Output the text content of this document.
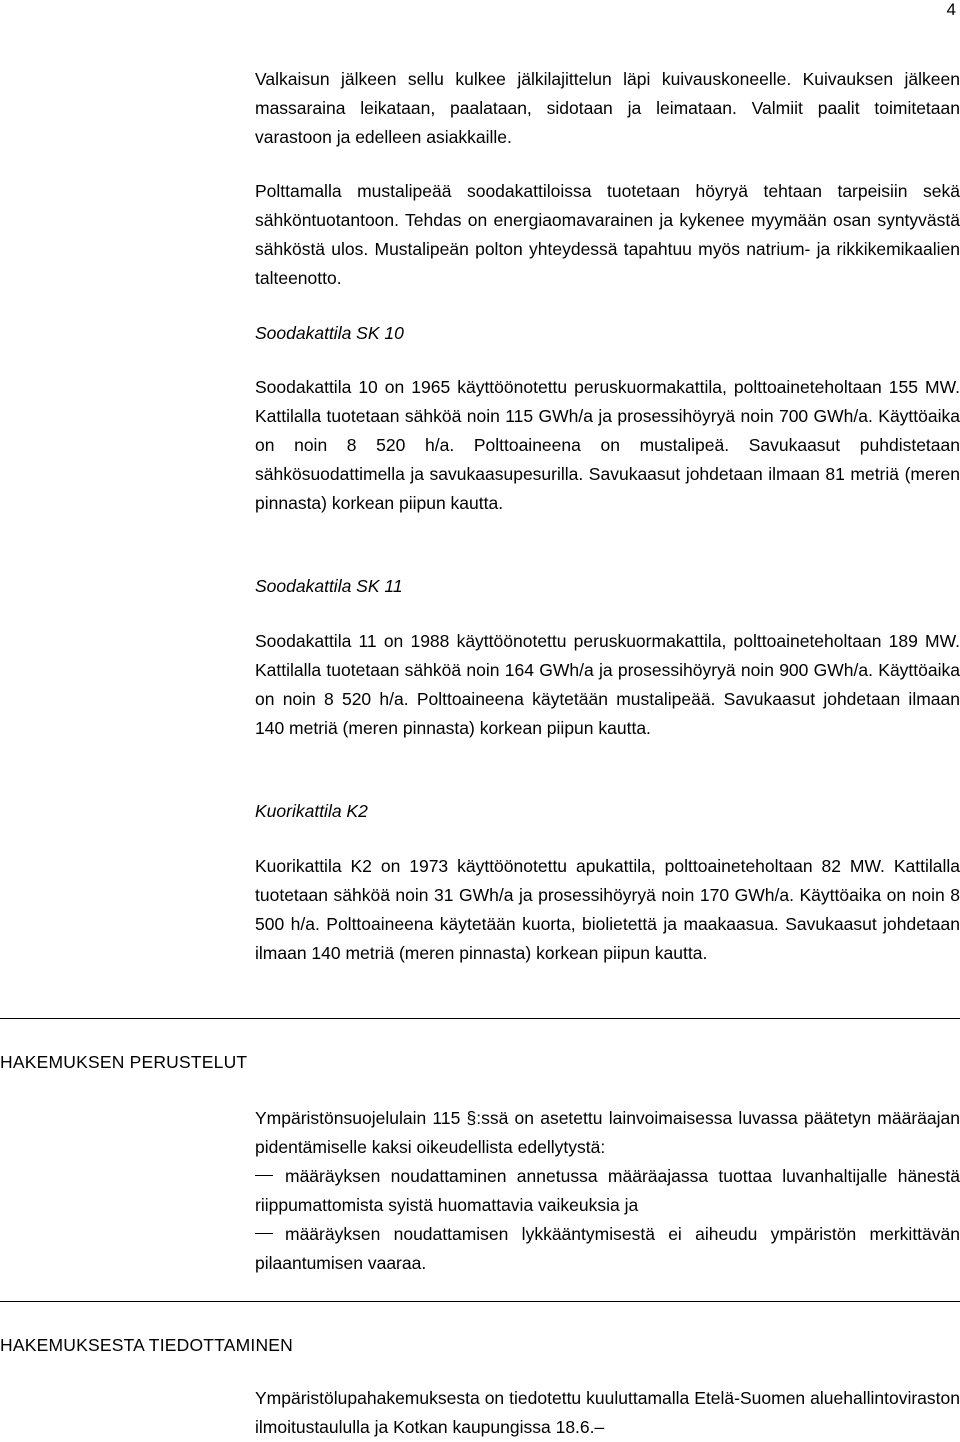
4
Valkaisun jälkeen sellu kulkee jälkilajittelun läpi kuivauskoneelle. Kuivauksen jälkeen massaraina leikataan, paalataan, sidotaan ja leimataan. Valmiit paalit toimitetaan varastoon ja edelleen asiakkaille.
Polttamalla mustalipeää soodakattiloissa tuotetaan höyryä tehtaan tarpeisiin sekä sähköntuotantoon. Tehdas on energiaomavarainen ja kykenee myymään osan syntyvästä sähköstä ulos. Mustalipeän polton yhteydessä tapahtuu myös natrium- ja rikkikemikaalien talteenotto.
Soodakattila SK 10
Soodakattila 10 on 1965 käyttöönotettu peruskuormakattila, polttoaineteholtaan 155 MW. Kattilalla tuotetaan sähköä noin 115 GWh/a ja prosessihöyryä noin 700 GWh/a. Käyttöaika on noin 8 520 h/a. Polttoaineena on mustalipeä. Savukaasut puhdistetaan sähkösuodattimella ja savukaasupesurilla. Savukaasut johdetaan ilmaan 81 metriä (meren pinnasta) korkean piipun kautta.
Soodakattila SK 11
Soodakattila 11 on 1988 käyttöönotettu peruskuormakattila, polttoaineteholtaan 189 MW. Kattilalla tuotetaan sähköä noin 164 GWh/a ja prosessihöyryä noin 900 GWh/a. Käyttöaika on noin 8 520 h/a. Polttoaineena käytetään mustalipeää. Savukaasut johdetaan ilmaan 140 metriä (meren pinnasta) korkean piipun kautta.
Kuorikattila K2
Kuorikattila K2 on 1973 käyttöönotettu apukattila, polttoaineteholtaan 82 MW. Kattilalla tuotetaan sähköä noin 31 GWh/a ja prosessihöyryä noin 170 GWh/a. Käyttöaika on noin 8 500 h/a. Polttoaineena käytetään kuorta, biolietettä ja maakaasua. Savukaasut johdetaan ilmaan 140 metriä (meren pinnasta) korkean piipun kautta.
Ympäristönsuojelulain 115 §:ssä on asetettu lainvoimaisessa luvassa päätetyn määräajan pidentämiselle kaksi oikeudellista edellytystä:
määräyksen noudattaminen annetussa määräajassa tuottaa luvanhaltijalle hänestä riippumattomista syistä huomattavia vaikeuksia ja
määräyksen noudattamisen lykkääntymisestä ei aiheudu ympäristön merkittävän pilaantumisen vaaraa.
Ympäristölupahakemuksesta on tiedotettu kuuluttamalla Etelä-Suomen aluehallintoviraston ilmoitustaululla ja Kotkan kaupungissa 18.6.–
HAKEMUKSEN PERUSTELUT
HAKEMUKSESTA TIEDOTTAMINEN
